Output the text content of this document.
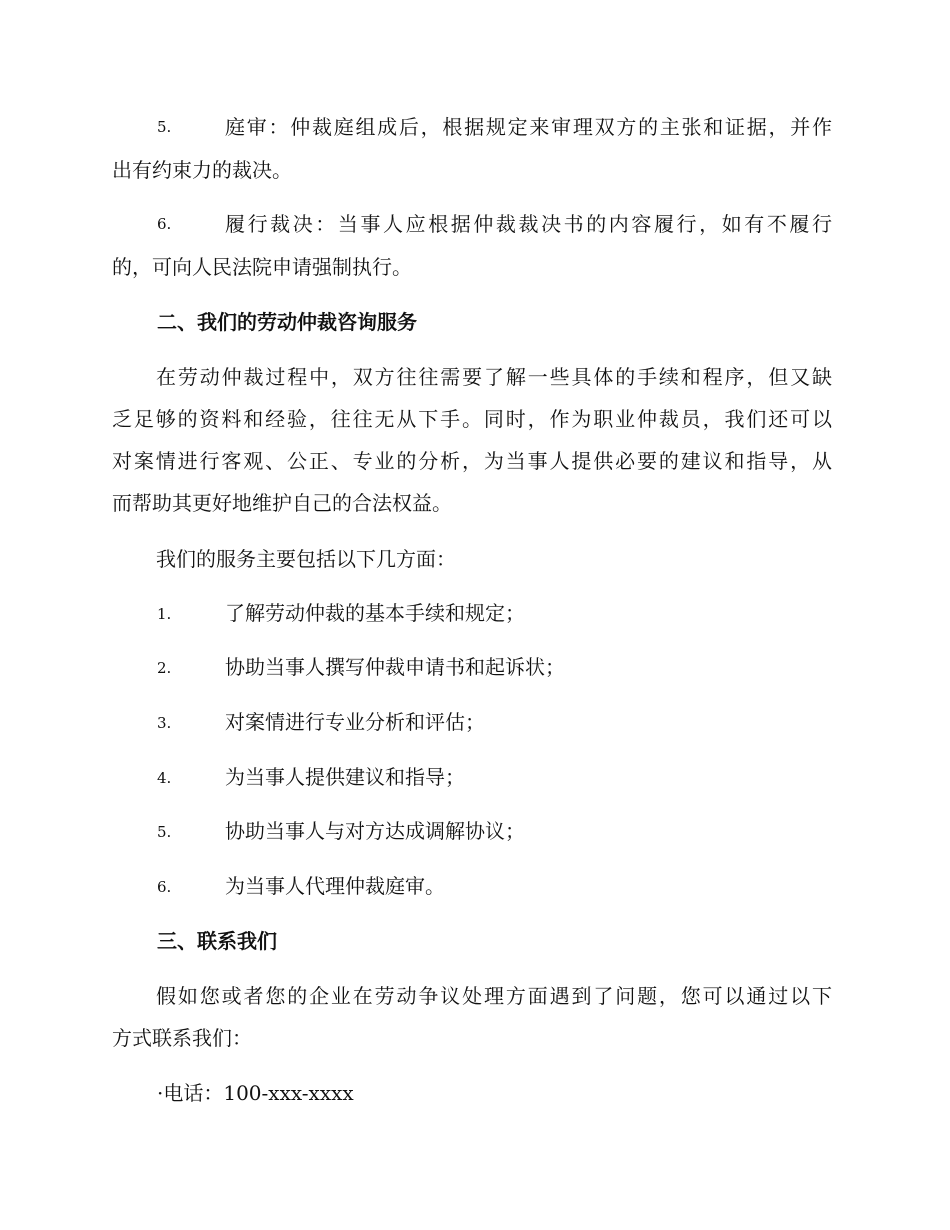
5.	庭审：仲裁庭组成后，根据规定来审理双方的主张和证据，并作
出有约束力的裁决。
6.	履行裁决：当事人应根据仲裁裁决书的内容履行，如有不履行
的，可向人民法院申请强制执行。
二、我们的劳动仲裁咨询服务
在劳动仲裁过程中，双方往往需要了解一些具体的手续和程序，但又缺
乏足够的资料和经验，往往无从下手。同时，作为职业仲裁员，我们还可以
对案情进行客观、公正、专业的分析，为当事人提供必要的建议和指导，从
而帮助其更好地维护自己的合法权益。
我们的服务主要包括以下几方面：
1.	了解劳动仲裁的基本手续和规定；
2.	协助当事人撰写仲裁申请书和起诉状；
3.	对案情进行专业分析和评估；
4.	为当事人提供建议和指导；
5.	协助当事人与对方达成调解协议；
6.	为当事人代理仲裁庭审。
三、联系我们
假如您或者您的企业在劳动争议处理方面遇到了问题，您可以通过以下
方式联系我们：
·电话：100-xxx-xxxx
